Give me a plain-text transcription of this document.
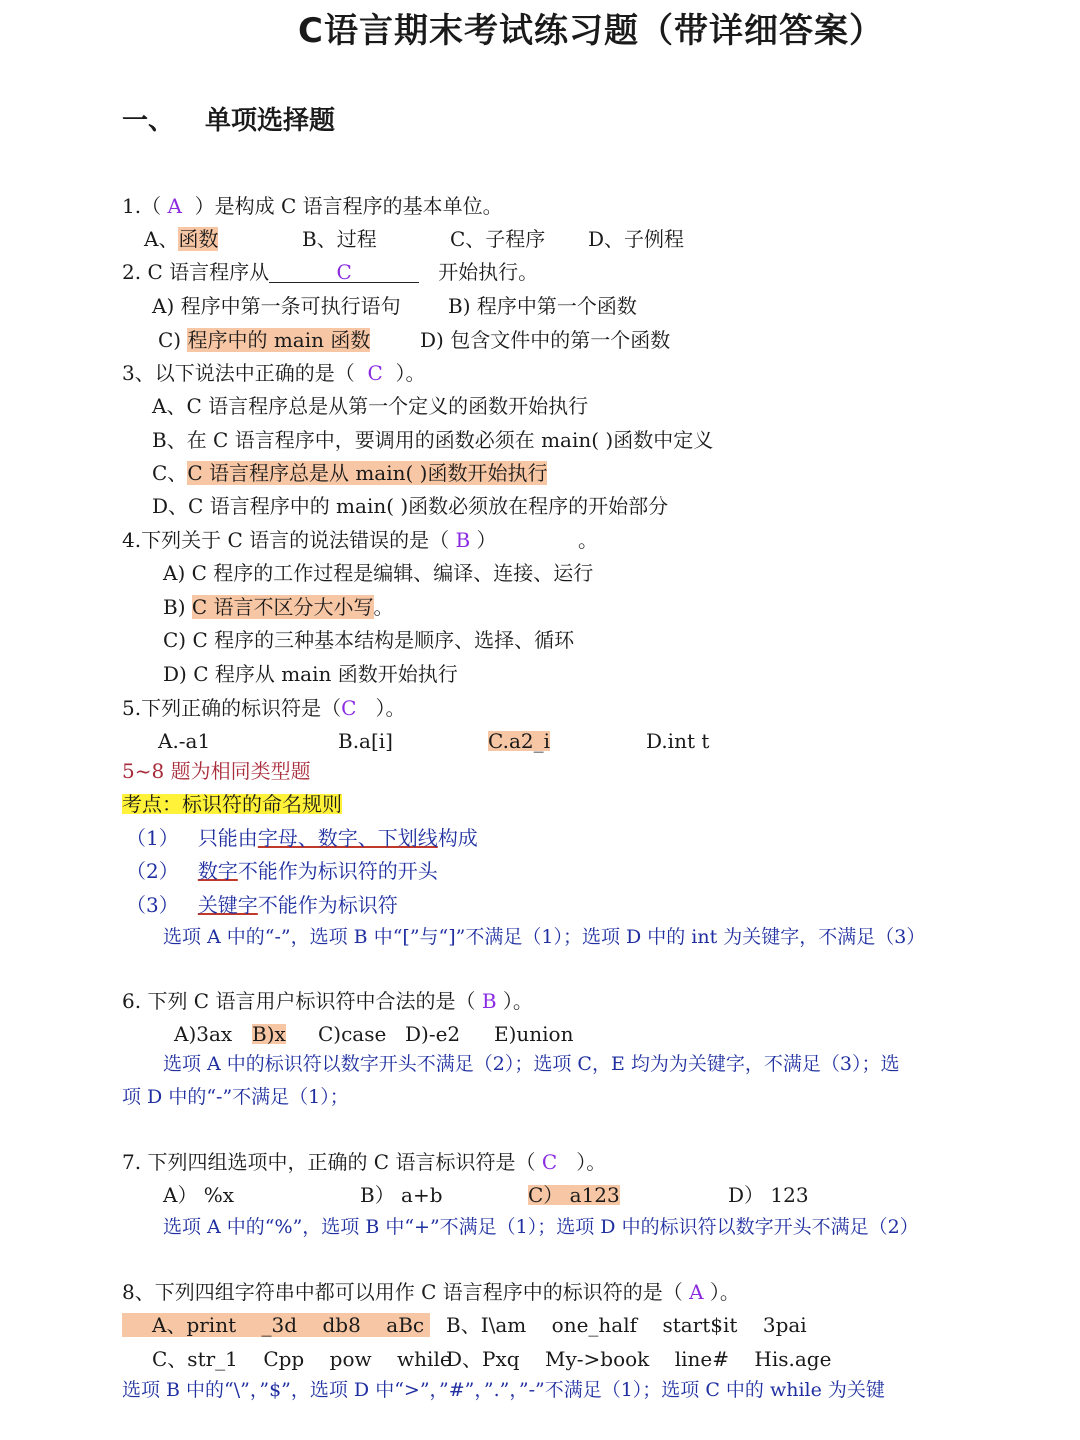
C语言期末考试练习题（带详细答案）
一、 单项选择题
1.（ A ）是构成 C 语言程序的基本单位。
A、函数	B、过程	C、子程序 D、子例程
2. C 语言程序从	C	开始执行。
A) 程序中第一条可执行语句 B) 程序中第一个函数
C) 程序中的 main 函数 D) 包含文件中的第一个函数
3、以下说法中正确的是（ C ）。
A、C 语言程序总是从第一个定义的函数开始执行
B、在 C 语言程序中，要调用的函数必须在 main( )函数中定义
C、C 语言程序总是从 main( )函数开始执行
D、C 语言程序中的 main( )函数必须放在程序的开始部分
4.下列关于 C 语言的说法错误的是（ B ）	。
A) C 程序的工作过程是编辑、编译、连接、运行
B) C 语言不区分大小写。
C) C 程序的三种基本结构是顺序、选择、循环
D) C 程序从 main 函数开始执行
5.下列正确的标识符是（C ）。
A.-a1	B.a[i]	C.a2_i	D.int t
5~8 题为相同类型题
考点：标识符的命名规则
（1） 只能由字母、数字、下划线构成
（2） 数字不能作为标识符的开头
（3） 关键字不能作为标识符
选项 A 中的“-”，选项 B 中“[”与“]”不满足（1）；选项 D 中的 int 为关键字，不满足（3）
6. 下列 C 语言用户标识符中合法的是（ B ）。
A)3ax B)x C)case D)-e2 E)union
选项 A 中的标识符以数字开头不满足（2）；选项 C，E 均为为关键字，不满足（3）；选
项 D 中的“-”不满足（1）；
7. 下列四组选项中，正确的 C 语言标识符是（ C ）。
A） %x	B） a+b	C） a123	D） 123
选项 A 中的“%”，选项 B 中“+”不满足（1）；选项 D 中的标识符以数字开头不满足（2）
8、下列四组字符串中都可以用作 C 语言程序中的标识符的是（ A ）。
A、print    _3d    db8    aBc	B、I\am    one_half    start$it    3pai
C、str_1    Cpp    pow    while
D、Pxq    My->book    line#    His.age
选项 B 中的“\”，”$”，选项 D 中“>”，”#”，”.”，”-”不满足（1）；选项 C 中的 while 为关键
